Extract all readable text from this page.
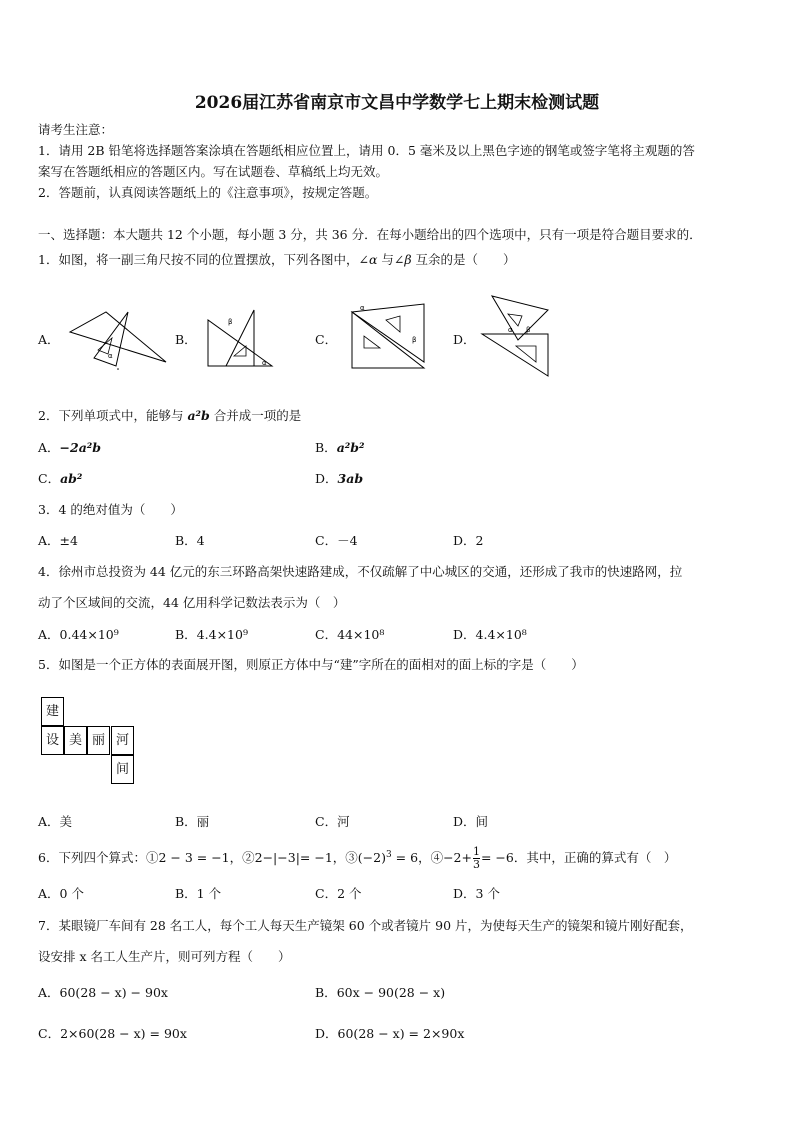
2026届江苏省南京市文昌中学数学七上期末检测试题
请考生注意：
1．请用 2B 铅笔将选择题答案涂填在答题纸相应位置上，请用 0．5 毫米及以上黑色字迹的钢笔或签字笔将主观题的答
案写在答题纸相应的答题区内。写在试题卷、草稿纸上均无效。
2．答题前，认真阅读答题纸上的《注意事项》，按规定答题。
一、选择题：本大题共 12 个小题，每小题 3 分，共 36 分．在每小题给出的四个选项中，只有一项是符合题目要求的．
1．如图，将一副三角尺按不同的位置摆放，下列各图中，∠α 与∠β 互余的是（　　）
A．	B．	C．	D．
α
β
α
α
β
α β
2．下列单项式中，能够与 a²b 合并成一项的是
A．−2a²b	B．a²b²
C．ab²	D．3ab
3．4 的绝对值为（　　）
A．±4	B．4	C．－4	D．2
4．徐州市总投资为 44 亿元的东三环路高架快速路建成，不仅疏解了中心城区的交通，还形成了我市的快速路网，拉
动了个区域间的交流，44 亿用科学记数法表示为（　）
A．0.44×10⁹	B．4.4×10⁹	C．44×10⁸	D．4.4×10⁸
5．如图是一个正方体的表面展开图，则原正方体中与“建”字所在的面相对的面上标的字是（　　）
建
设 美 丽 河
间
A．美	B．丽	C．河	D．间
6．下列四个算式：①2 − 3 = −1，②2−|−3|= −1，$③(-2)^3 = 6$，④−2+ $\frac{1}{3} = -6$．其中，正确的算式有（　）
A．0 个	B．1 个	C．2 个	D．3 个
7．某眼镜厂车间有 28 名工人，每个工人每天生产镜架 60 个或者镜片 90 片，为使每天生产的镜架和镜片刚好配套，
设安排 x 名工人生产片，则可列方程（　　）
A．60(28 − x) − 90x	B．60x − 90(28 − x)
C．2×60(28 − x) = 90x	D．60(28 − x) = 2×90x
